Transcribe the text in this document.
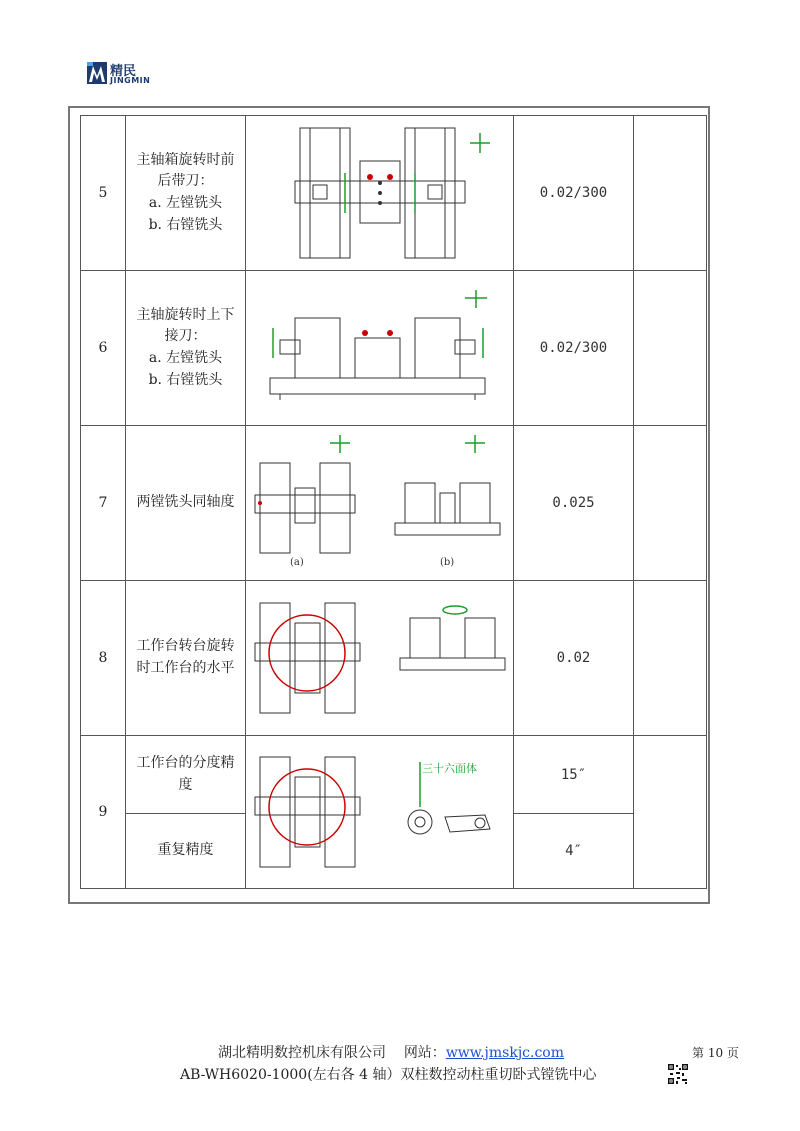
精民
JINGMIN
5	主轴箱旋转时前
后带刀：
a. 左镗铣头
b. 右镗铣头		0.02/300	
6	主轴旋转时上下
接刀：
a. 左镗铣头
b. 右镗铣头		0.02/300	
7	两镗铣头同轴度	(a) (b)	0.025	
8	工作台转台旋转
时工作台的水平		0.02	
9	工作台的分度精
度	三十六面体	15″	

	重复精度		4″	
湖北精明数控机床有限公司 网站：www.jmskjc.com	第 10 页
AB-WH6020-1000(左右各 4 轴）双柱数控动柱重切卧式镗铣中心
